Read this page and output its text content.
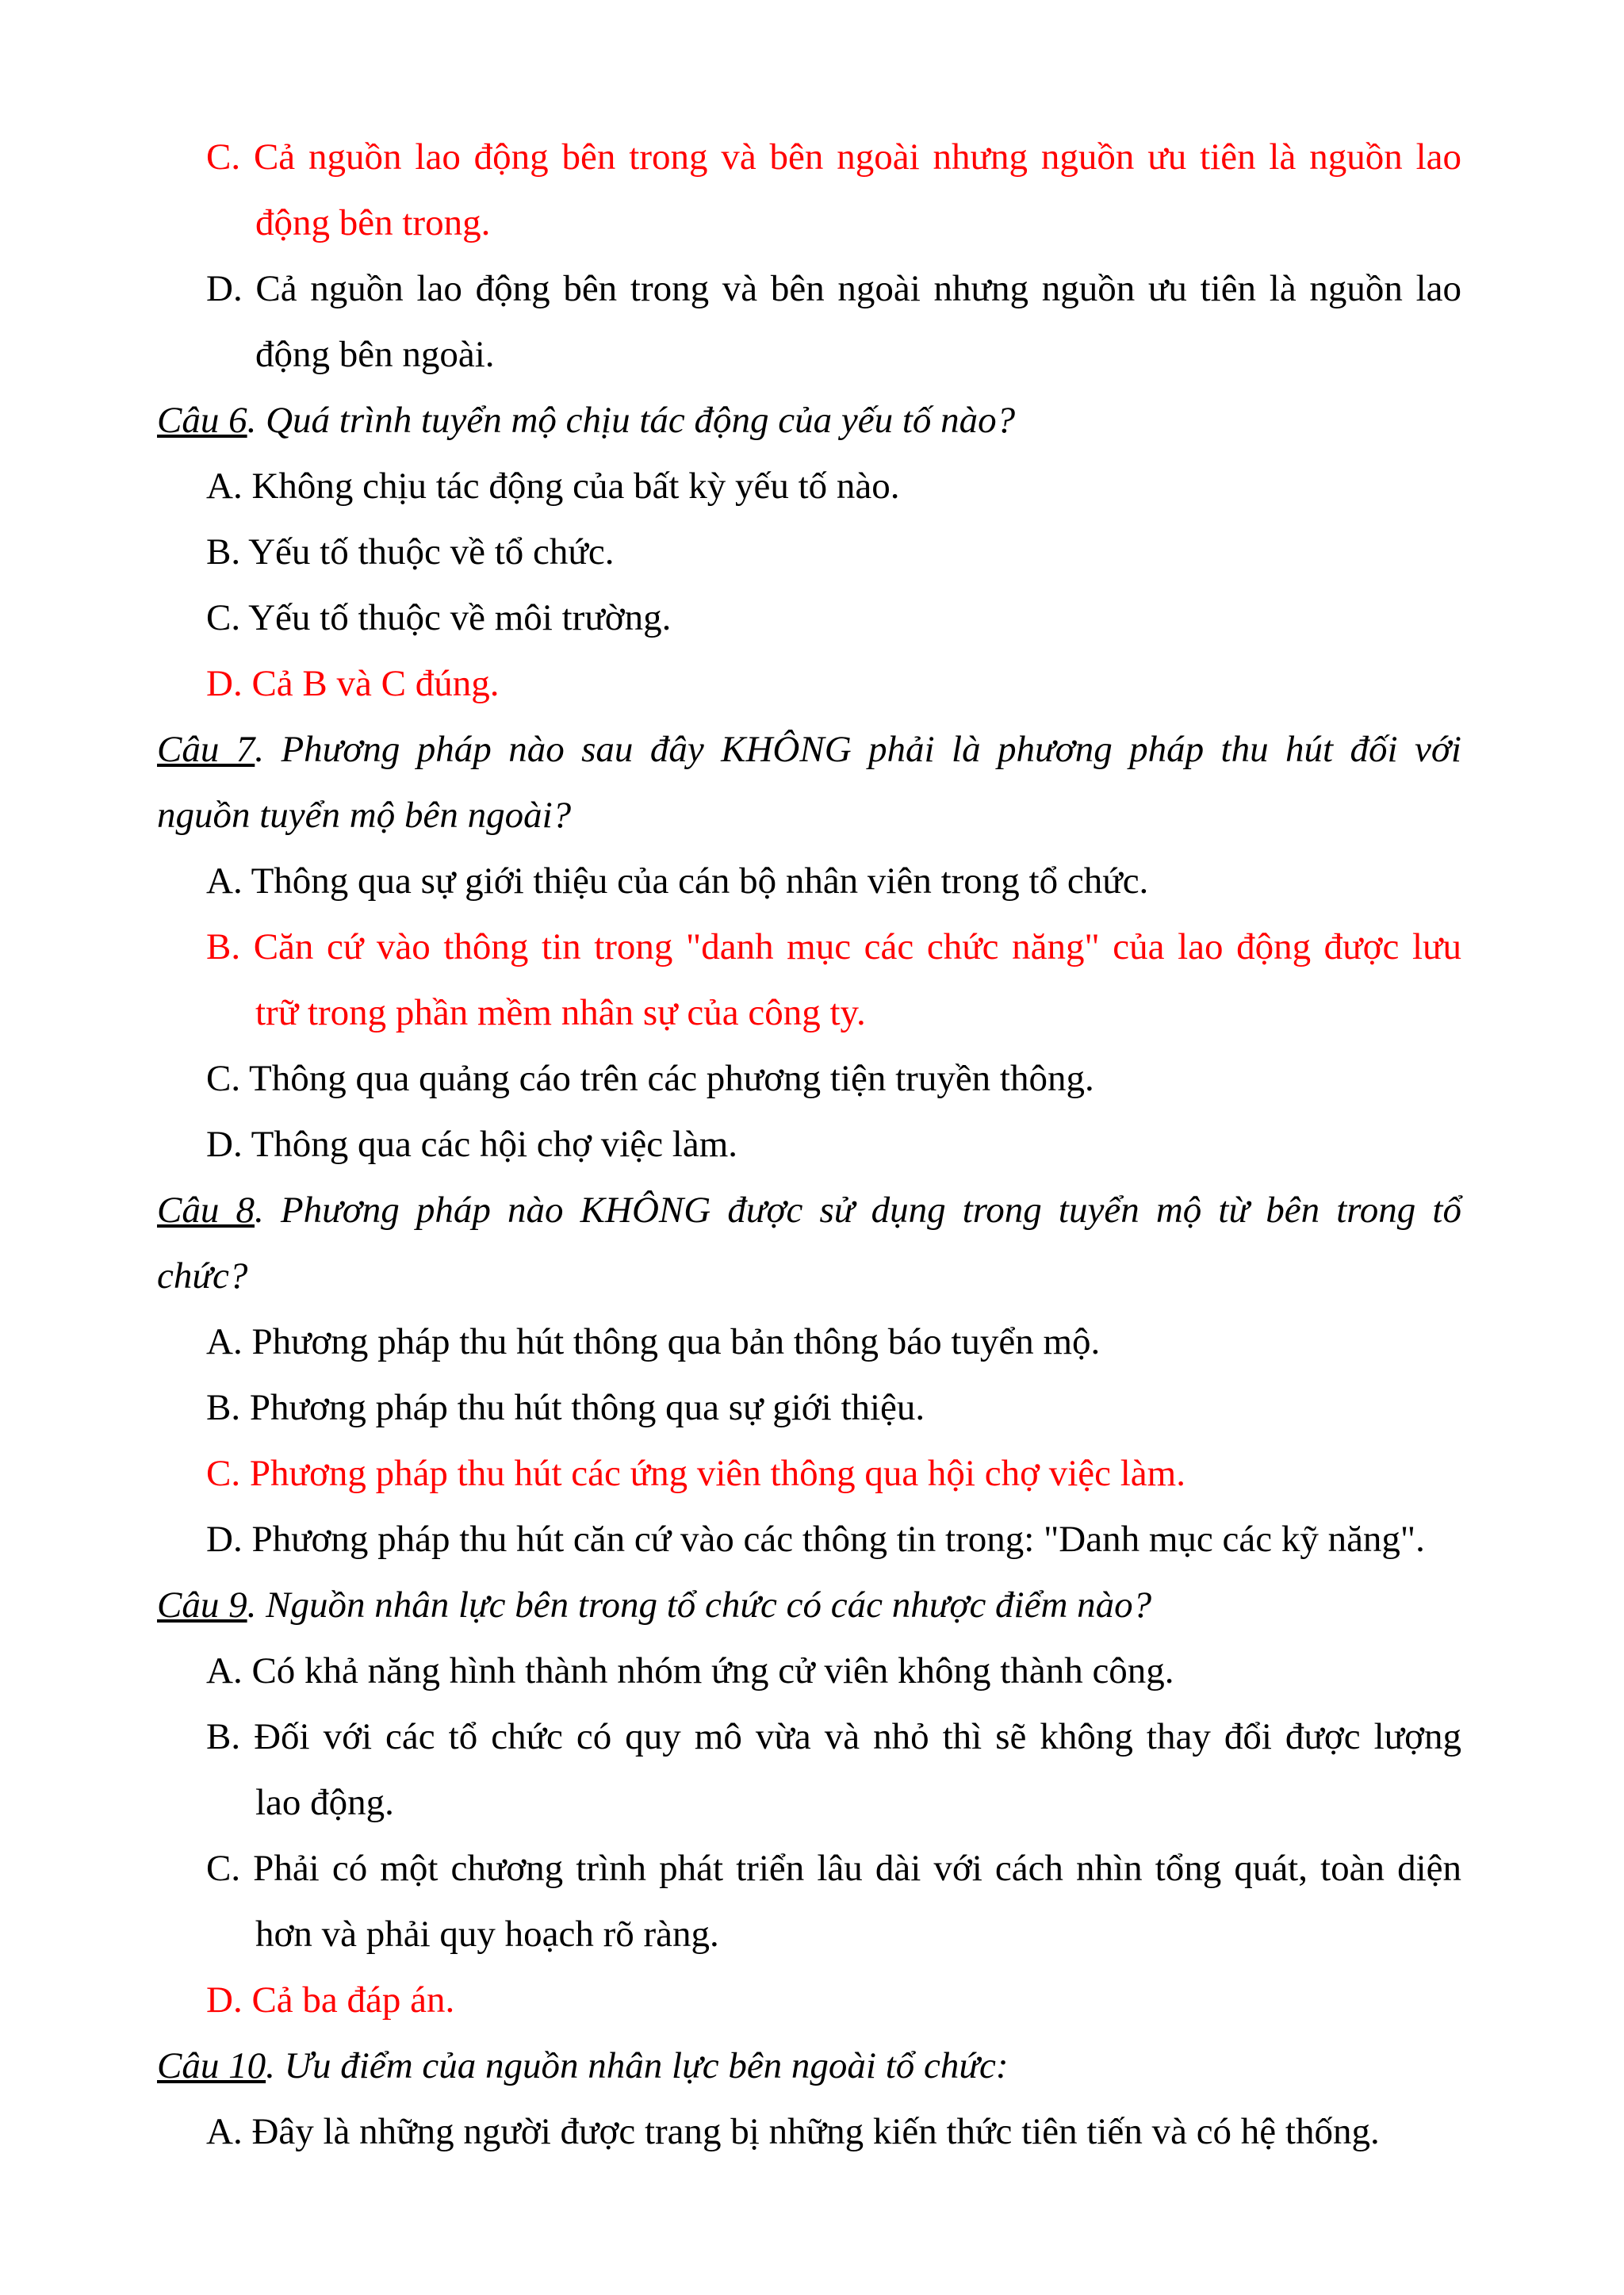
C. Cả nguồn lao động bên trong và bên ngoài nhưng nguồn ưu tiên là nguồn lao
động bên trong.
D. Cả nguồn lao động bên trong và bên ngoài nhưng nguồn ưu tiên là nguồn lao
động bên ngoài.
Câu 6. Quá trình tuyển mộ chịu tác động của yếu tố nào?
A. Không chịu tác động của bất kỳ yếu tố nào.
B. Yếu tố thuộc về tổ chức.
C. Yếu tố thuộc về môi trường.
D. Cả B và C đúng.
Câu 7. Phương pháp nào sau đây KHÔNG phải là phương pháp thu hút đối với
nguồn tuyển mộ bên ngoài?
A. Thông qua sự giới thiệu của cán bộ nhân viên trong tổ chức.
B. Căn cứ vào thông tin trong "danh mục các chức năng" của lao động được lưu
trữ trong phần mềm nhân sự của công ty.
C. Thông qua quảng cáo trên các phương tiện truyền thông.
D. Thông qua các hội chợ việc làm.
Câu 8. Phương pháp nào KHÔNG được sử dụng trong tuyển mộ từ bên trong tổ
chức?
A. Phương pháp thu hút thông qua bản thông báo tuyển mộ.
B. Phương pháp thu hút thông qua sự giới thiệu.
C. Phương pháp thu hút các ứng viên thông qua hội chợ việc làm.
D. Phương pháp thu hút căn cứ vào các thông tin trong: "Danh mục các kỹ năng".
Câu 9. Nguồn nhân lực bên trong tổ chức có các nhược điểm nào?
A. Có khả năng hình thành nhóm ứng cử viên không thành công.
B. Đối với các tổ chức có quy mô vừa và nhỏ thì sẽ không thay đổi được lượng
lao động.
C. Phải có một chương trình phát triển lâu dài với cách nhìn tổng quát, toàn diện
hơn và phải quy hoạch rõ ràng.
D. Cả ba đáp án.
Câu 10. Ưu điểm của nguồn nhân lực bên ngoài tổ chức:
A. Đây là những người được trang bị những kiến thức tiên tiến và có hệ thống.
